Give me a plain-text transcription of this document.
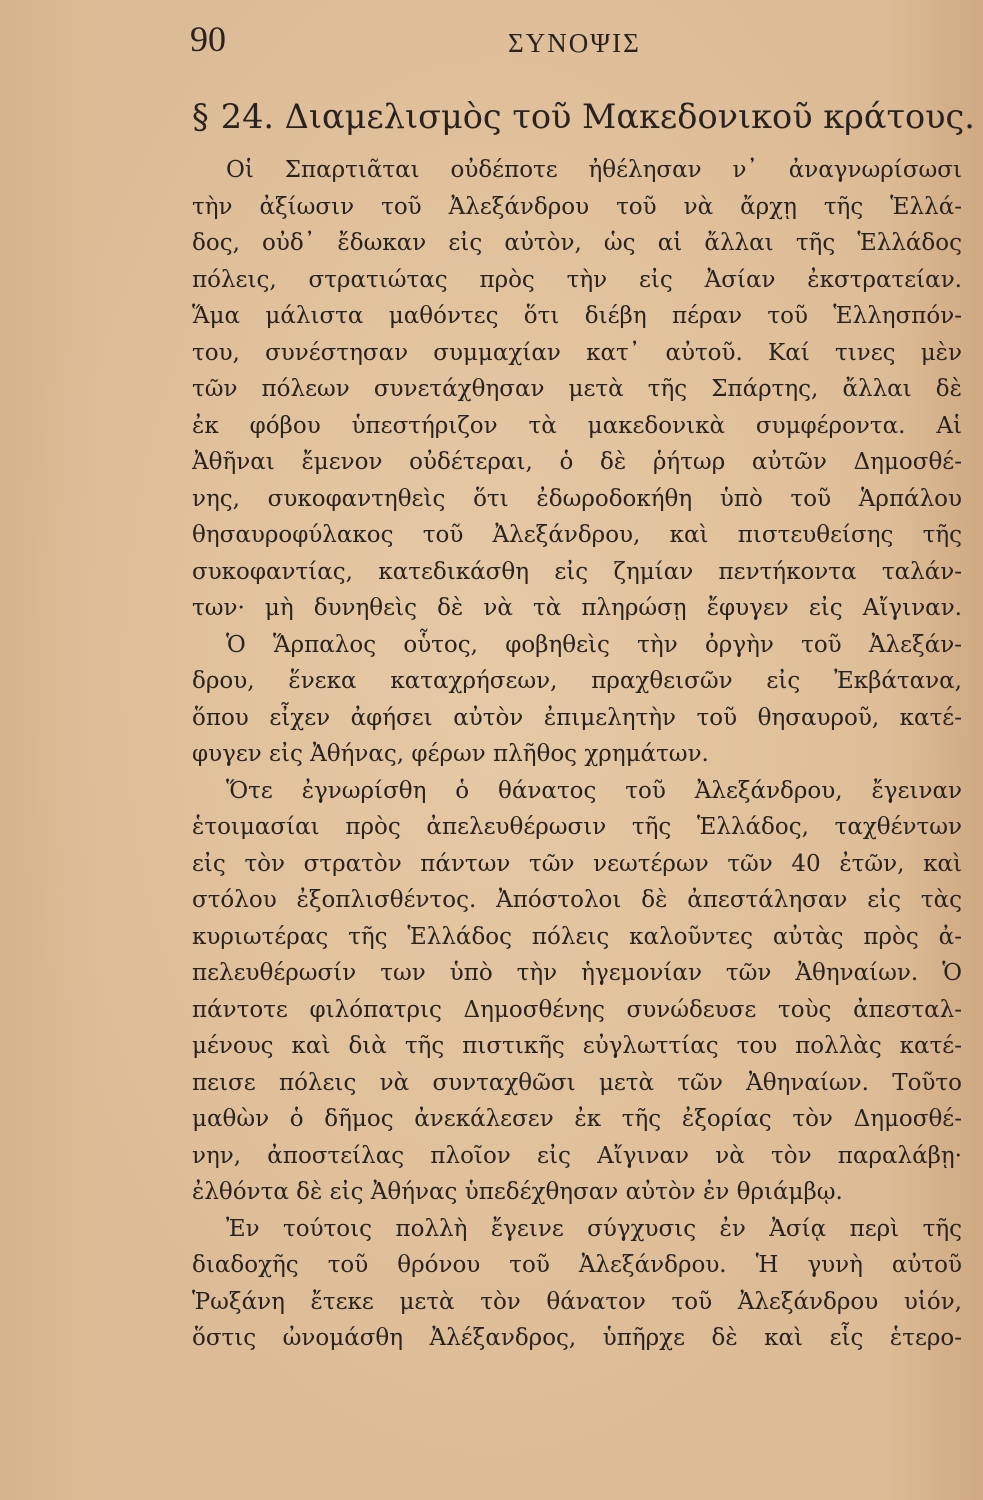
90	ΣΥΝΟΨΙΣ
§ 24. Διαμελισμὸς τοῦ Μακεδονικοῦ κράτους.
Οἱ Σπαρτιᾶται οὐδέποτε ἠθέλησαν ν᾽ ἀναγνωρίσωσι
τὴν ἀξίωσιν τοῦ Ἀλεξάνδρου τοῦ νὰ ἄρχῃ τῆς Ἑλλά-
δος, οὐδ᾽ ἔδωκαν εἰς αὐτὸν, ὡς αἱ ἄλλαι τῆς Ἑλλάδος
πόλεις, στρατιώτας πρὸς τὴν εἰς Ἀσίαν ἐκστρατείαν.
Ἅμα μάλιστα μαθόντες ὅτι διέβη πέραν τοῦ Ἑλλησπόν-
του, συνέστησαν συμμαχίαν κατ᾽ αὐτοῦ. Καί τινες μὲν
τῶν πόλεων συνετάχθησαν μετὰ τῆς Σπάρτης, ἄλλαι δὲ
ἐκ φόβου ὑπεστήριζον τὰ μακεδονικὰ συμφέροντα. Αἱ
Ἀθῆναι ἔμενον οὐδέτεραι, ὁ δὲ ῥήτωρ αὐτῶν Δημοσθέ-
νης, συκοφαντηθεὶς ὅτι ἐδωροδοκήθη ὑπὸ τοῦ Ἁρπάλου
θησαυροφύλακος τοῦ Ἀλεξάνδρου, καὶ πιστευθείσης τῆς
συκοφαντίας, κατεδικάσθη εἰς ζημίαν πεντήκοντα ταλάν-
των· μὴ δυνηθεὶς δὲ νὰ τὰ πληρώσῃ ἔφυγεν εἰς Αἴγιναν.
Ὁ Ἅρπαλος οὗτος, φοβηθεὶς τὴν ὀργὴν τοῦ Ἀλεξάν-
δρου, ἕνεκα καταχρήσεων, πραχθεισῶν εἰς Ἐκβάτανα,
ὅπου εἶχεν ἀφήσει αὐτὸν ἐπιμελητὴν τοῦ θησαυροῦ, κατέ-
φυγεν εἰς Ἀθήνας, φέρων πλῆθος χρημάτων.
Ὅτε ἐγνωρίσθη ὁ θάνατος τοῦ Ἀλεξάνδρου, ἔγειναν
ἑτοιμασίαι πρὸς ἀπελευθέρωσιν τῆς Ἑλλάδος, ταχθέντων
εἰς τὸν στρατὸν πάντων τῶν νεωτέρων τῶν 40 ἐτῶν, καὶ
στόλου ἐξοπλισθέντος. Ἀπόστολοι δὲ ἀπεστάλησαν εἰς τὰς
κυριωτέρας τῆς Ἑλλάδος πόλεις καλοῦντες αὐτὰς πρὸς ἀ-
πελευθέρωσίν των ὑπὸ τὴν ἡγεμονίαν τῶν Ἀθηναίων. Ὁ
πάντοτε φιλόπατρις Δημοσθένης συνώδευσε τοὺς ἀπεσταλ-
μένους καὶ διὰ τῆς πιστικῆς εὐγλωττίας του πολλὰς κατέ-
πεισε πόλεις νὰ συνταχθῶσι μετὰ τῶν Ἀθηναίων. Τοῦτο
μαθὼν ὁ δῆμος ἀνεκάλεσεν ἐκ τῆς ἐξορίας τὸν Δημοσθέ-
νην, ἀποστείλας πλοῖον εἰς Αἴγιναν νὰ τὸν παραλάβῃ·
ἐλθόντα δὲ εἰς Ἀθήνας ὑπεδέχθησαν αὐτὸν ἐν θριάμβῳ.
Ἐν τούτοις πολλὴ ἔγεινε σύγχυσις ἐν Ἀσίᾳ περὶ τῆς
διαδοχῆς τοῦ θρόνου τοῦ Ἀλεξάνδρου. Ἡ γυνὴ αὐτοῦ
Ῥωξάνη ἔτεκε μετὰ τὸν θάνατον τοῦ Ἀλεξάνδρου υἱόν,
ὅστις ὠνομάσθη Ἀλέξανδρος, ὑπῆρχε δὲ καὶ εἷς ἑτερο-
